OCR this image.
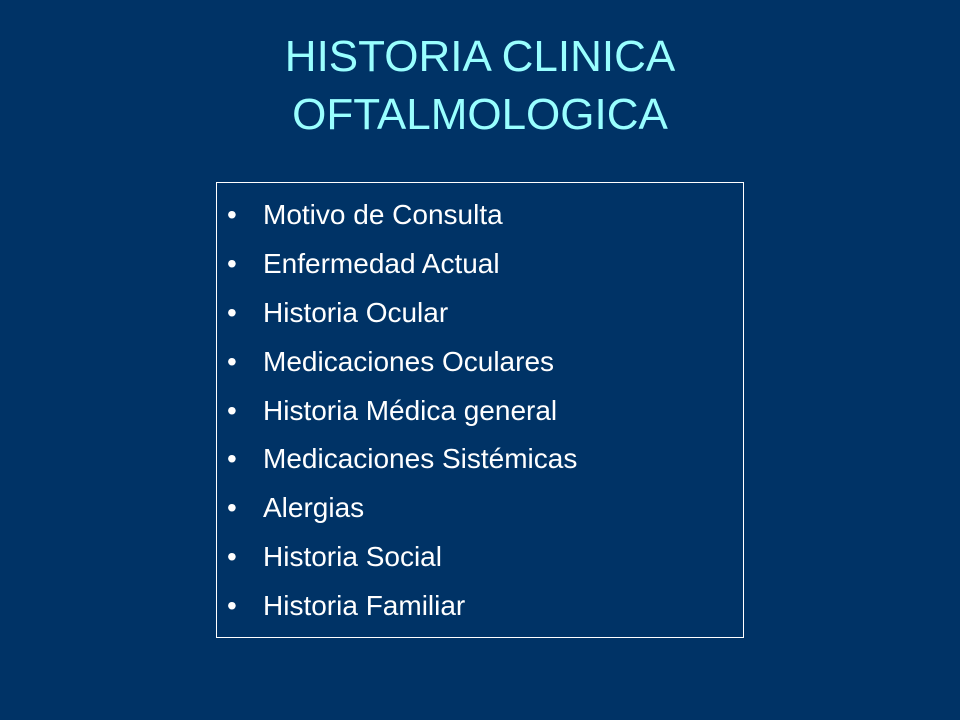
HISTORIA CLINICA
OFTALMOLOGICA
• Motivo de Consulta
• Enfermedad Actual
• Historia Ocular
• Medicaciones Oculares
• Historia Médica general
• Medicaciones Sistémicas
• Alergias
• Historia Social
• Historia Familiar
